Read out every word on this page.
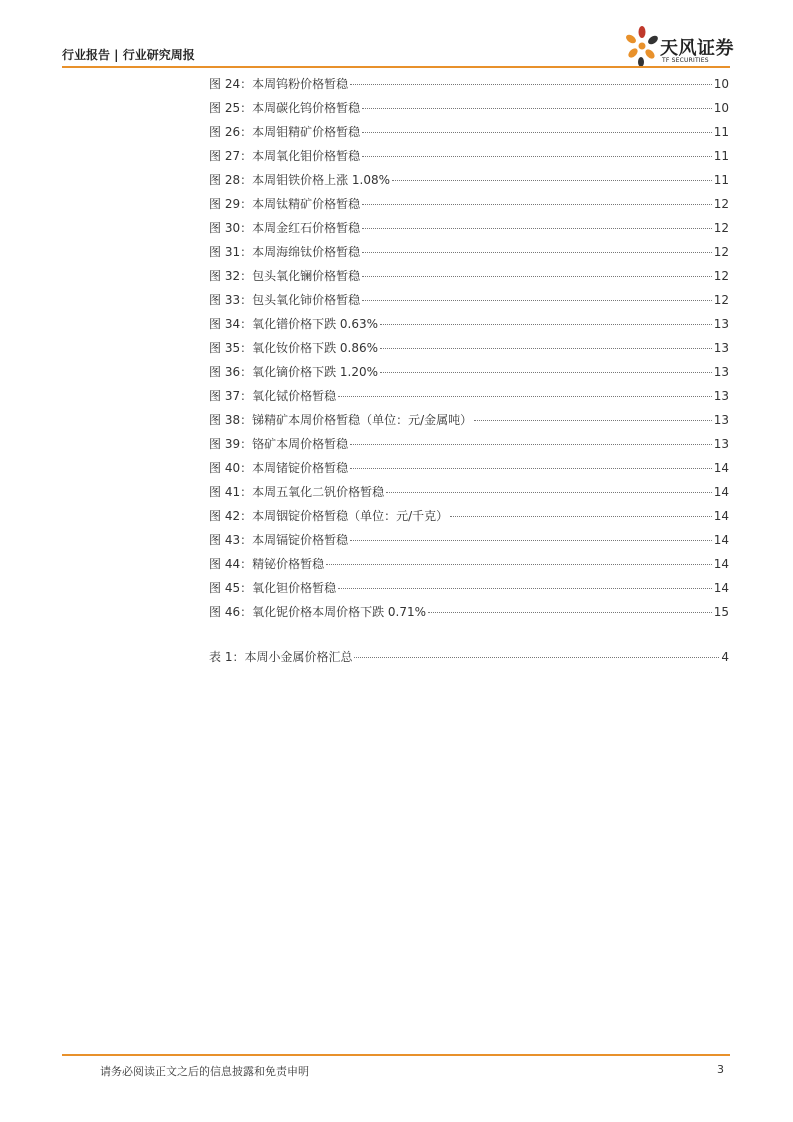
行业报告 | 行业研究周报	天风证券
TF SECURITIES
图 24：本周钨粉价格暂稳	10
图 25：本周碳化钨价格暂稳	10
图 26：本周钼精矿价格暂稳	11
图 27：本周氧化钼价格暂稳	11
图 28：本周钼铁价格上涨 1.08%	11
图 29：本周钛精矿价格暂稳	12
图 30：本周金红石价格暂稳	12
图 31：本周海绵钛价格暂稳	12
图 32：包头氧化镧价格暂稳	12
图 33：包头氧化铈价格暂稳	12
图 34：氧化镨价格下跌 0.63%	13
图 35：氧化钕价格下跌 0.86%	13
图 36：氧化镝价格下跌 1.20%	13
图 37：氧化铽价格暂稳	13
图 38：锑精矿本周价格暂稳（单位：元/金属吨）	13
图 39：铬矿本周价格暂稳	13
图 40：本周锗锭价格暂稳	14
图 41：本周五氧化二钒价格暂稳	14
图 42：本周铟锭价格暂稳（单位：元/千克）	14
图 43：本周镉锭价格暂稳	14
图 44：精铋价格暂稳	14
图 45：氧化钽价格暂稳	14
图 46：氧化铌价格本周价格下跌 0.71%	15
表 1：本周小金属价格汇总	4
请务必阅读正文之后的信息披露和免责申明	3
